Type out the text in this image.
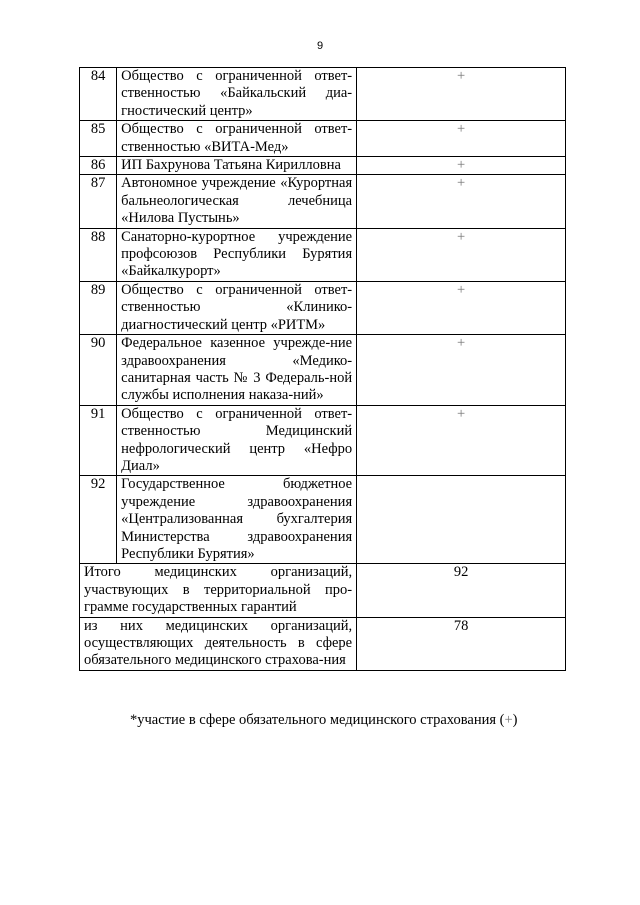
9
84	Общество с ограниченной ответ-ственностью «Байкальский диа-гностический центр»	+
85	Общество с ограниченной ответ-ственностью «ВИТА-Мед»	+
86	ИП Бахрунова Татьяна Кирилловна	+
87	Автономное учреждение «Курортная бальнеологическая лечебница «Нилова Пустынь»	+
88	Санаторно-курортное учреждение профсоюзов Республики Бурятия «Байкалкурорт»	+
89	Общество с ограниченной ответ-ственностью «Клинико-диагностический центр «РИТМ»	+
90	Федеральное казенное учрежде-ние здравоохранения «Медико-санитарная часть № 3 Федераль-ной службы исполнения наказа-ний»	+
91	Общество с ограниченной ответ-ственностью Медицинский нефрологический центр «Нефро Диал»	+
92	Государственное бюджетное учреждение здравоохранения «Централизованная бухгалтерия Министерства здравоохранения Республики Бурятия»	
Итого медицинских организаций, участвующих в территориальной про-грамме государственных гарантий		92
из них медицинских организаций, осуществляющих деятельность в сфере обязательного медицинского страхова-ния		78
*участие в сфере обязательного медицинского страхования (+)
